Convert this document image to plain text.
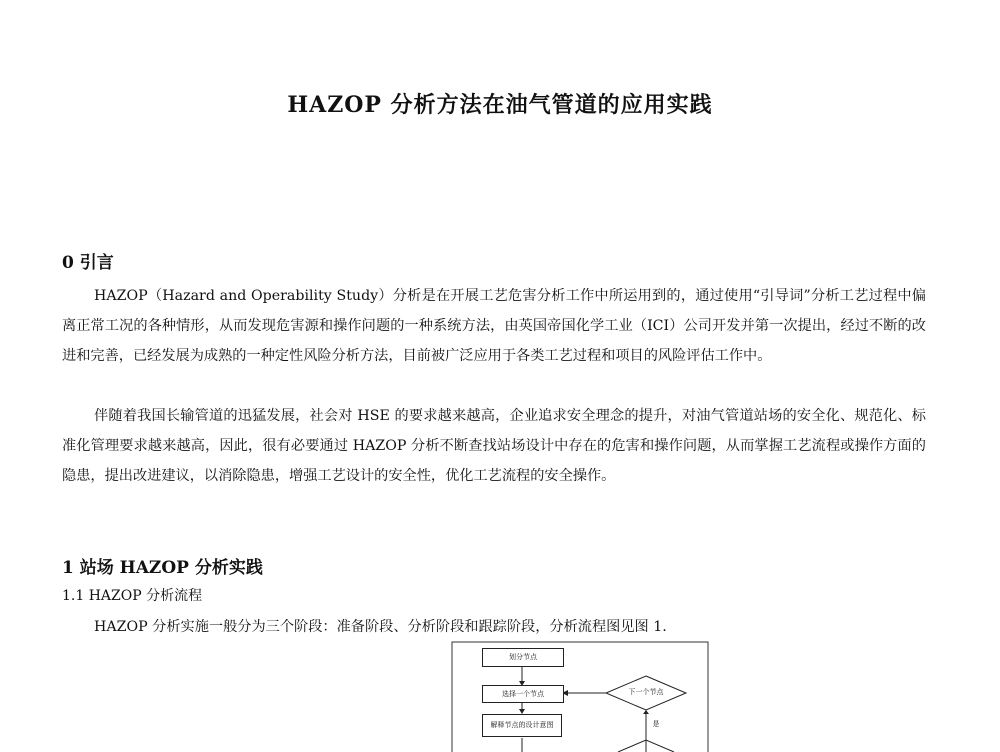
HAZOP 分析方法在油气管道的应用实践
0 引言

HAZOP（Hazard and Operability Study）分析是在开展工艺危害分析工作中所运用到的，通过使用“引导词”分析工艺过程中偏离正常工况的各种情形，从而发现危害源和操作问题的一种系统方法，由英国帝国化学工业（ICI）公司开发并第一次提出，经过不断的改进和完善，已经发展为成熟的一种定性风险分析方法，目前被广泛应用于各类工艺过程和项目的风险评估工作中。

伴随着我国长输管道的迅猛发展，社会对 HSE 的要求越来越高，企业追求安全理念的提升，对油气管道站场的安全化、规范化、标准化管理要求越来越高，因此，很有必要通过 HAZOP 分析不断查找站场设计中存在的危害和操作问题，从而掌握工艺流程或操作方面的隐患，提出改进建议，以消除隐患，增强工艺设计的安全性，优化工艺流程的安全操作。

1 站场 HAZOP 分析实践
1.1 HAZOP 分析流程

HAZOP 分析实施一般分为三个阶段：准备阶段、分析阶段和跟踪阶段，分析流程图见图 1.

划分节点
选择一个节点
解释节点的设计意图
下一个节点
是
